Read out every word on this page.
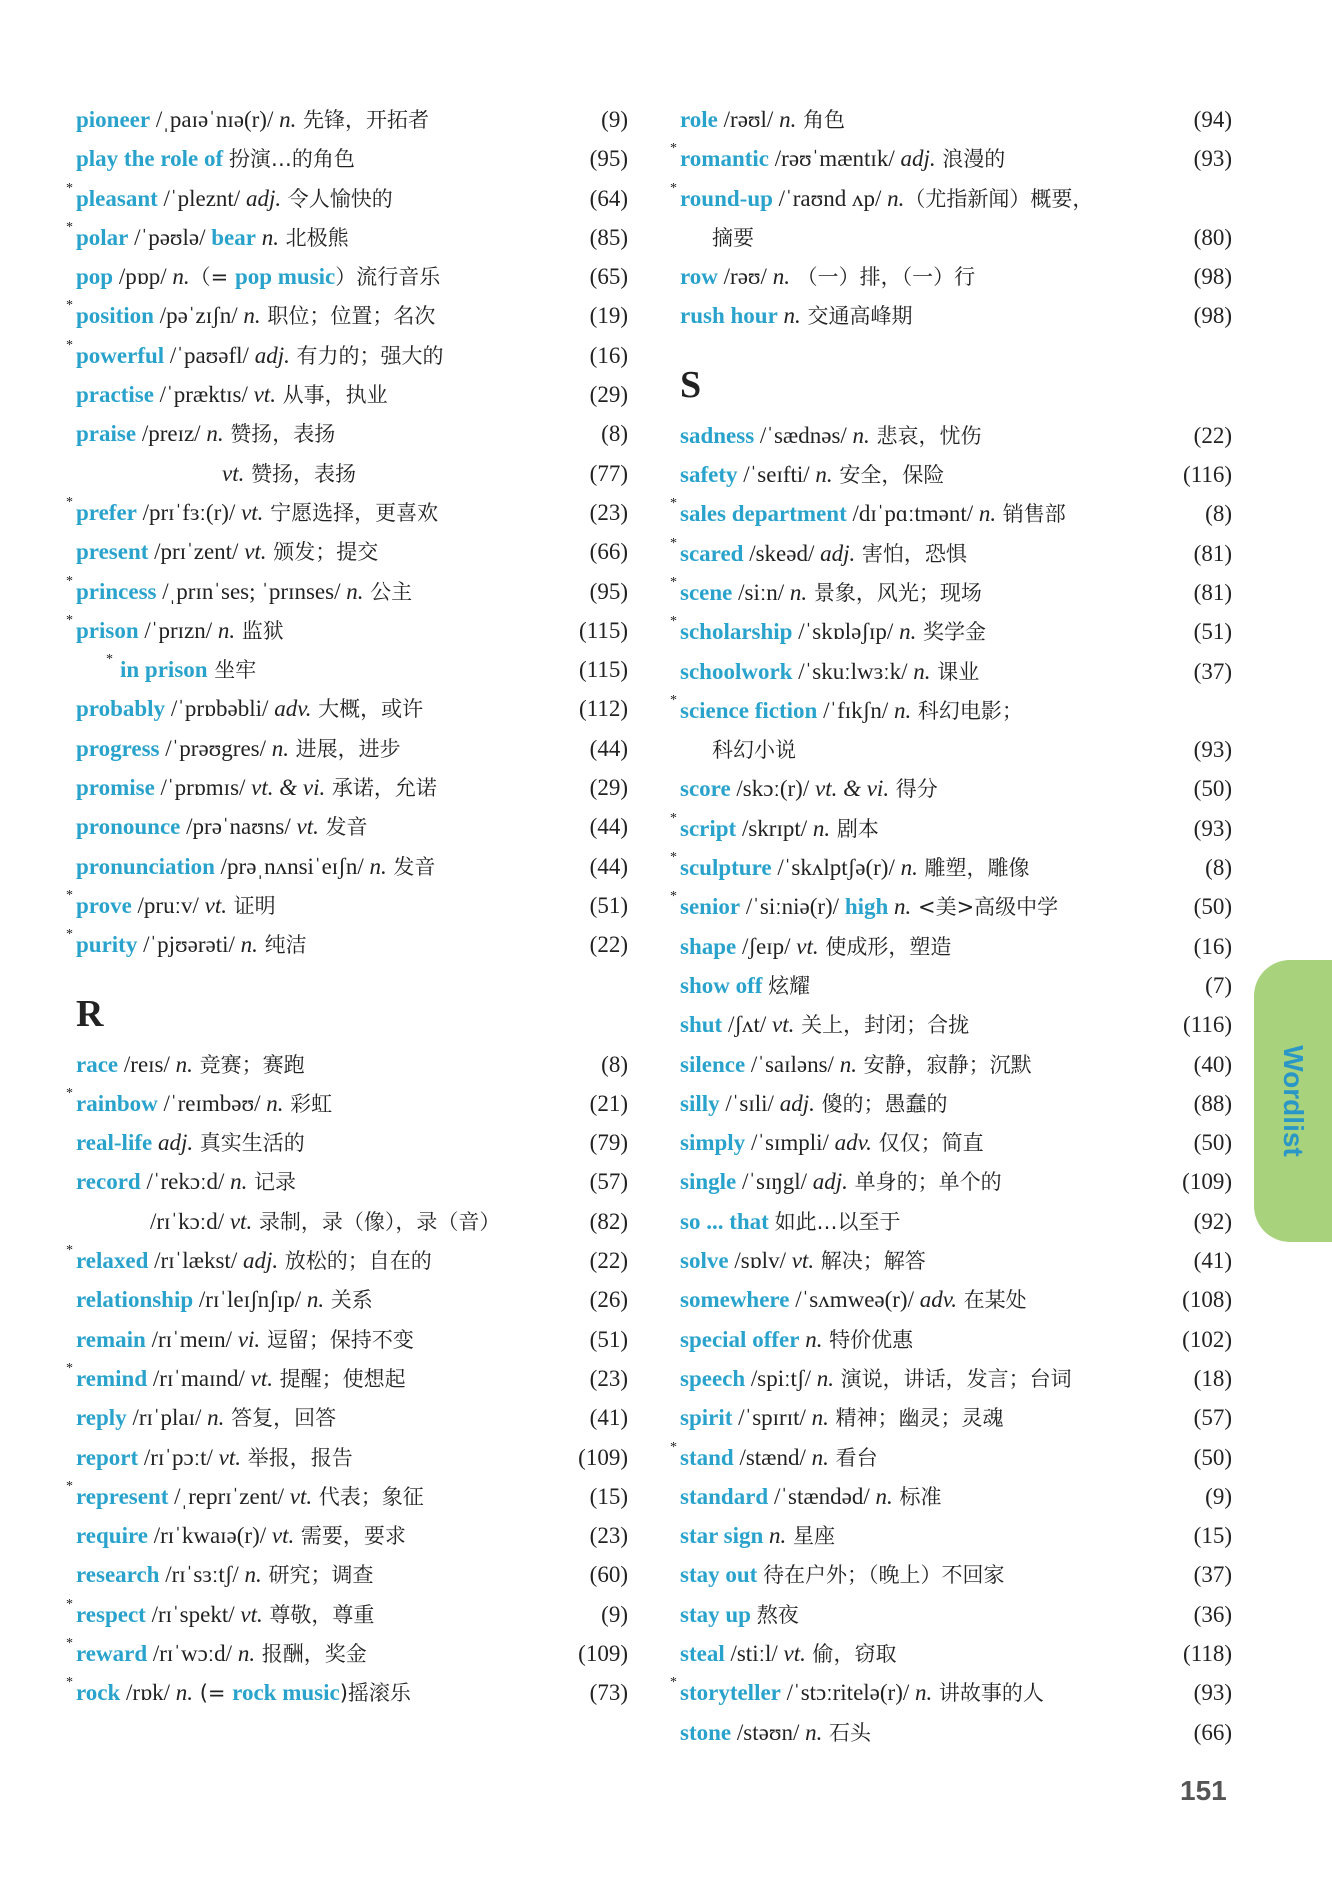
pioneer /ˌpaɪəˈnɪə(r)/ n. 先锋，开拓者	(9)
play the role of 扮演…的角色	(95)
* pleasant /ˈpleznt/ adj. 令人愉快的	(64)
* polar /ˈpəʊlə/ bear n. 北极熊	(85)
pop /pɒp/ n.（= pop music）流行音乐	(65)
* position /pəˈzɪʃn/ n. 职位；位置；名次	(19)
* powerful /ˈpaʊəfl/ adj. 有力的；强大的	(16)
practise /ˈpræktɪs/ vt. 从事，执业	(29)
praise /preɪz/ n. 赞扬，表扬	(8)
vt. 赞扬，表扬	(77)
* prefer /prɪˈfɜː(r)/ vt. 宁愿选择，更喜欢	(23)
present /prɪˈzent/ vt. 颁发；提交	(66)
* princess /ˌprɪnˈses; ˈprɪnses/ n. 公主	(95)
* prison /ˈprɪzn/ n. 监狱	(115)
* in prison 坐牢	(115)
probably /ˈprɒbəbli/ adv. 大概，或许	(112)
progress /ˈprəʊgres/ n. 进展，进步	(44)
promise /ˈprɒmɪs/ vt. & vi. 承诺，允诺	(29)
pronounce /prəˈnaʊns/ vt. 发音	(44)
pronunciation /prəˌnʌnsiˈeɪʃn/ n. 发音	(44)
* prove /pruːv/ vt. 证明	(51)
* purity /ˈpjʊərəti/ n. 纯洁	(22)
R
race /reɪs/ n. 竞赛；赛跑	(8)
* rainbow /ˈreɪmbəʊ/ n. 彩虹	(21)
real-life adj. 真实生活的	(79)
record /ˈrekɔːd/ n. 记录	(57)
/rɪˈkɔːd/ vt. 录制，录（像），录（音）	(82)
* relaxed /rɪˈlækst/ adj. 放松的；自在的	(22)
relationship /rɪˈleɪʃnʃɪp/ n. 关系	(26)
remain /rɪˈmeɪn/ vi. 逗留；保持不变	(51)
* remind /rɪˈmaɪnd/ vt. 提醒；使想起	(23)
reply /rɪˈplaɪ/ n. 答复，回答	(41)
report /rɪˈpɔːt/ vt. 举报，报告	(109)
* represent /ˌreprɪˈzent/ vt. 代表；象征	(15)
require /rɪˈkwaɪə(r)/ vt. 需要，要求	(23)
research /rɪˈsɜːtʃ/ n. 研究；调查	(60)
* respect /rɪˈspekt/ vt. 尊敬，尊重	(9)
* reward /rɪˈwɔːd/ n. 报酬，奖金	(109)
* rock /rɒk/ n. (= rock music)摇滚乐	(73)
role /rəʊl/ n. 角色	(94)
* romantic /rəʊˈmæntɪk/ adj. 浪漫的	(93)
* round-up /ˈraʊnd ʌp/ n.（尤指新闻）概要，
摘要	(80)
row /rəʊ/ n. （一）排，（一）行	(98)
rush hour n. 交通高峰期	(98)
S
sadness /ˈsædnəs/ n. 悲哀，忧伤	(22)
safety /ˈseɪfti/ n. 安全，保险	(116)
* sales department /dɪˈpɑːtmənt/ n. 销售部	(8)
* scared /skeəd/ adj. 害怕，恐惧	(81)
* scene /siːn/ n. 景象，风光；现场	(81)
* scholarship /ˈskɒləʃɪp/ n. 奖学金	(51)
schoolwork /ˈskuːlwɜːk/ n. 课业	(37)
* science fiction /ˈfɪkʃn/ n. 科幻电影；
科幻小说	(93)
score /skɔː(r)/ vt. & vi. 得分	(50)
* script /skrɪpt/ n. 剧本	(93)
* sculpture /ˈskʌlptʃə(r)/ n. 雕塑，雕像	(8)
* senior /ˈsiːniə(r)/ high n. <美>高级中学	(50)
shape /ʃeɪp/ vt. 使成形，塑造	(16)
show off 炫耀	(7)
shut /ʃʌt/ vt. 关上，封闭；合拢	(116)
silence /ˈsaɪləns/ n. 安静，寂静；沉默	(40)
silly /ˈsɪli/ adj. 傻的；愚蠢的	(88)
simply /ˈsɪmpli/ adv. 仅仅；简直	(50)
single /ˈsɪŋgl/ adj. 单身的；单个的	(109)
so ... that 如此…以至于	(92)
solve /sɒlv/ vt. 解决；解答	(41)
somewhere /ˈsʌmweə(r)/ adv. 在某处	(108)
special offer n. 特价优惠	(102)
speech /spiːtʃ/ n. 演说，讲话，发言；台词	(18)
spirit /ˈspɪrɪt/ n. 精神；幽灵；灵魂	(57)
* stand /stænd/ n. 看台	(50)
standard /ˈstændəd/ n. 标准	(9)
star sign n. 星座	(15)
stay out 待在户外；（晚上）不回家	(37)
stay up 熬夜	(36)
steal /stiːl/ vt. 偷，窃取	(118)
* storyteller /ˈstɔːritelə(r)/ n. 讲故事的人	(93)
stone /stəʊn/ n. 石头	(66)
Wordlist
151
